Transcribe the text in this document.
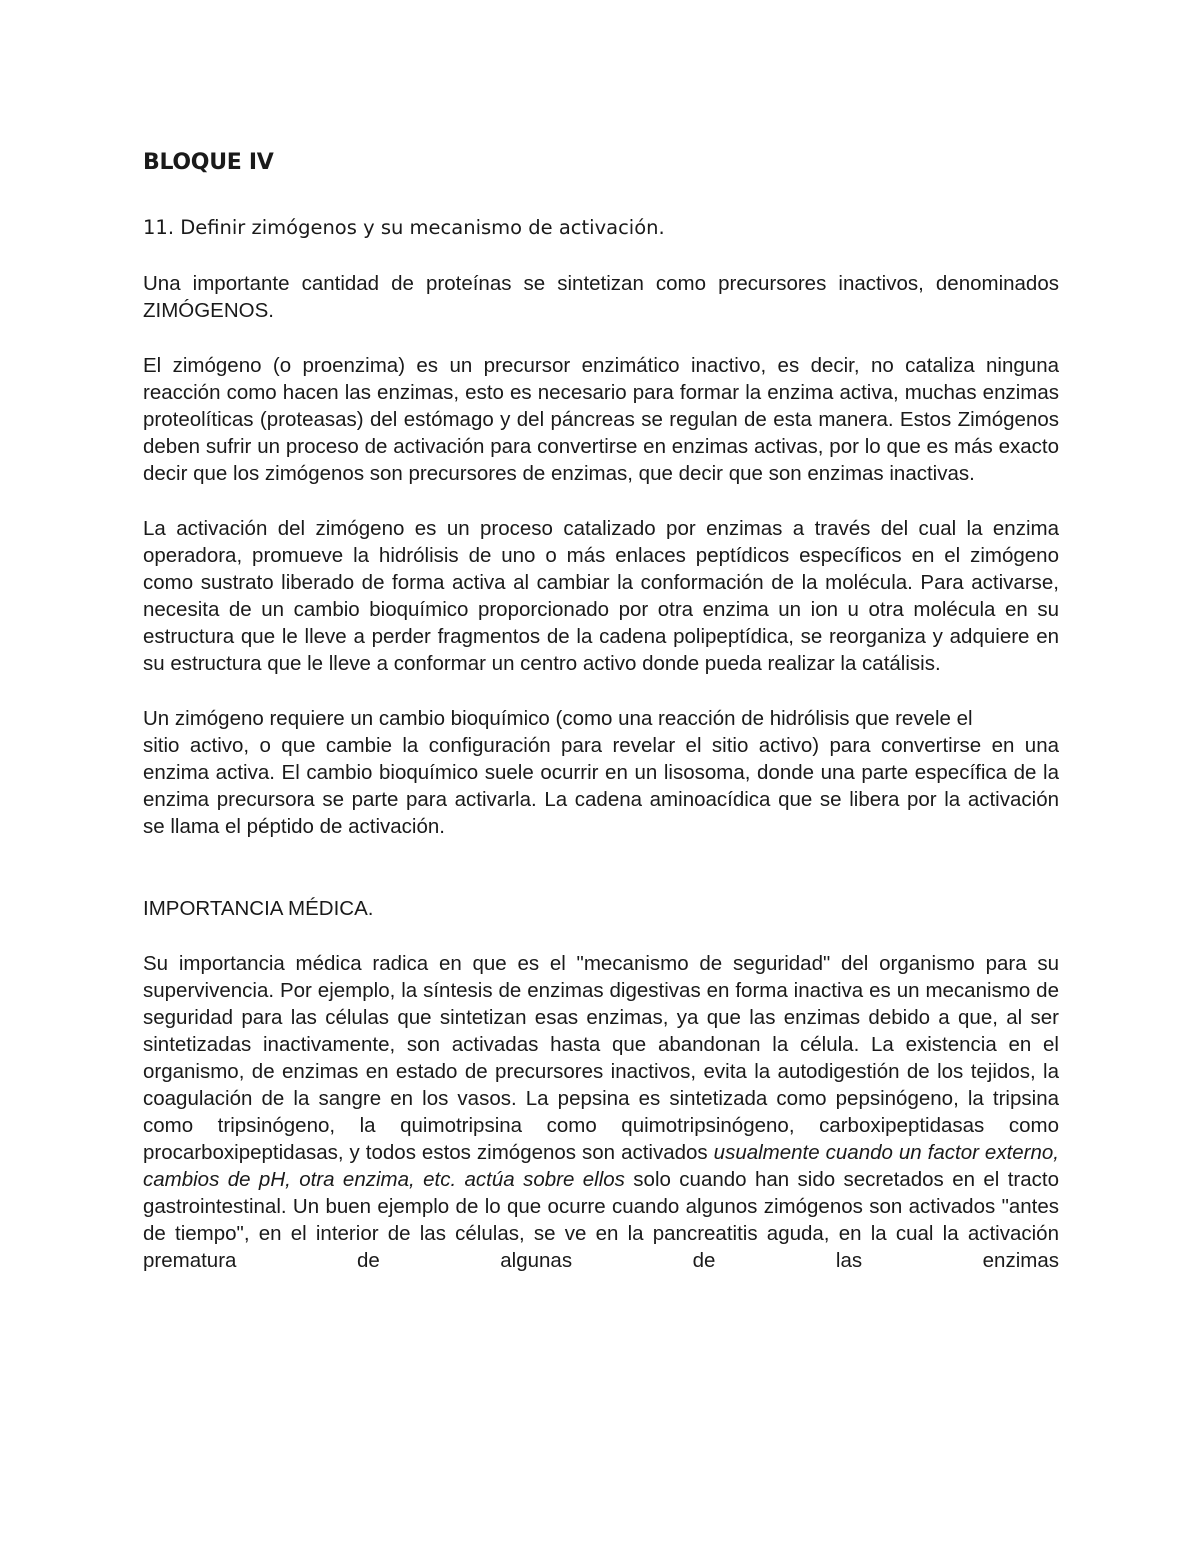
BLOQUE IV

11. Definir zimógenos y su mecanismo de activación.

Una importante cantidad de proteínas se sintetizan como precursores inactivos, denominados ZIMÓGENOS.

El zimógeno (o proenzima) es un precursor enzimático inactivo, es decir, no cataliza ninguna reacción como hacen las enzimas, esto es necesario para formar la enzima activa, muchas enzimas proteolíticas (proteasas) del estómago y del páncreas se regulan de esta manera. Estos Zimógenos deben sufrir un proceso de activación para convertirse en enzimas activas, por lo que es más exacto decir que los zimógenos son precursores de enzimas, que decir que son enzimas inactivas.

La activación del zimógeno es un proceso catalizado por enzimas a través del cual la enzima operadora, promueve la hidrólisis de uno o más enlaces peptídicos específicos en el zimógeno como sustrato liberado de forma activa al cambiar la conformación de la molécula. Para activarse, necesita de un cambio bioquímico proporcionado por otra enzima un ion u otra molécula en su estructura que le lleve a perder fragmentos de la cadena polipeptídica, se reorganiza y adquiere en su estructura que le lleve a conformar un centro activo donde pueda realizar la catálisis.

Un zimógeno requiere un cambio bioquímico (como una reacción de hidrólisis que revele el
sitio activo, o que cambie la configuración para revelar el sitio activo) para convertirse en una enzima activa. El cambio bioquímico suele ocurrir en un lisosoma, donde una parte específica de la enzima precursora se parte para activarla. La cadena aminoacídica que se libera por la activación se llama el péptido de activación.

IMPORTANCIA MÉDICA.

Su importancia médica radica en que es el "mecanismo de seguridad" del organismo para su supervivencia. Por ejemplo, la síntesis de enzimas digestivas en forma inactiva es un mecanismo de seguridad para las células que sintetizan esas enzimas, ya que las enzimas debido a que, al ser sintetizadas inactivamente, son activadas hasta que abandonan la célula. La existencia en el organismo, de enzimas en estado de precursores inactivos, evita la autodigestión de los tejidos, la coagulación de la sangre en los vasos. La pepsina es sintetizada como pepsinógeno, la tripsina como tripsinógeno, la quimotripsina como quimotripsinógeno, carboxipeptidasas como procarboxipeptidasas, y todos estos zimógenos son activados usualmente cuando un factor externo, cambios de pH, otra enzima, etc. actúa sobre ellos solo cuando han sido secretados en el tracto gastrointestinal. Un buen ejemplo de lo que ocurre cuando algunos zimógenos son activados "antes de tiempo", en el interior de las células, se ve en la pancreatitis aguda, en la cual la activación prematura de algunas de las enzimas
